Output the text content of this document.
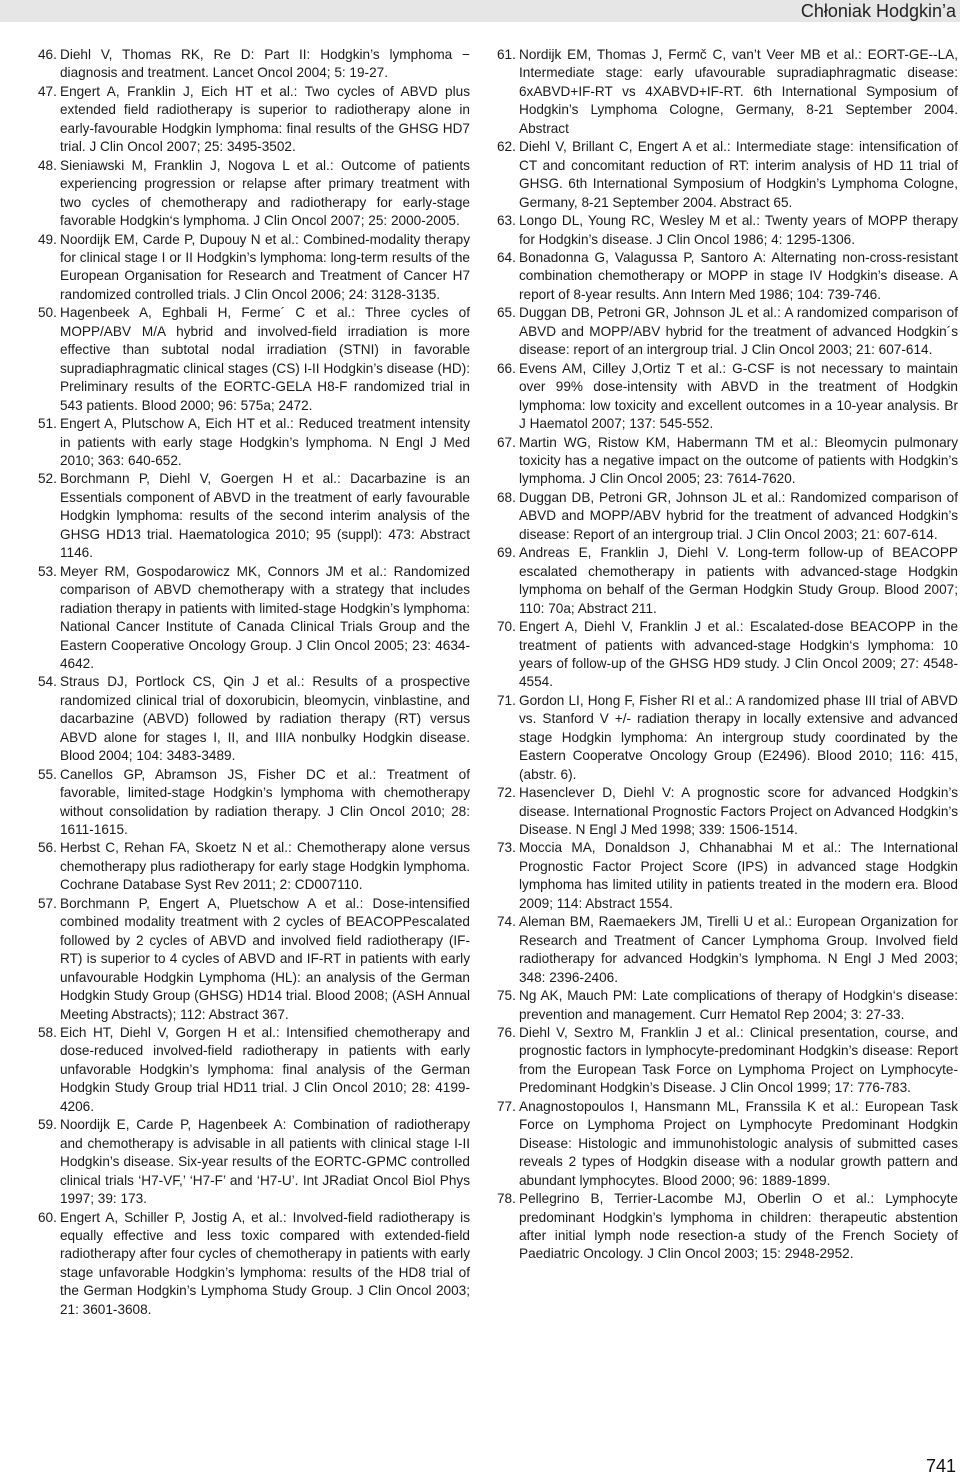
Chłoniak Hodgkin’a
46. Diehl V, Thomas RK, Re D: Part II: Hodgkin’s lymphoma − diagnosis and treatment. Lancet Oncol 2004; 5: 19-27.
47. Engert A, Franklin J, Eich HT et al.: Two cycles of ABVD plus extended field radiotherapy is superior to radiotherapy alone in early-favourable Hodgkin lymphoma: final results of the GHSG HD7 trial. J Clin Oncol 2007; 25: 3495-3502.
48. Sieniawski M, Franklin J, Nogova L et al.: Outcome of patients experiencing progression or relapse after primary treatment with two cycles of chemotherapy and radiotherapy for early-stage favorable Hodgkin‘s lymphoma. J Clin Oncol 2007; 25: 2000-2005.
49. Noordijk EM, Carde P, Dupouy N et al.: Combined-modality therapy for clinical stage I or II Hodgkin’s lymphoma: long-term results of the European Organisation for Research and Treatment of Cancer H7 randomized controlled trials. J Clin Oncol 2006; 24: 3128-3135.
50. Hagenbeek A, Eghbali H, Ferme´ C et al.: Three cycles of MOPP/ABV M/A hybrid and involved-field irradiation is more effective than subtotal nodal irradiation (STNI) in favorable supradiaphragmatic clinical stages (CS) I-II Hodgkin’s disease (HD): Preliminary results of the EORTC-GELA H8-F randomized trial in 543 patients. Blood 2000; 96: 575a; 2472.
51. Engert A, Plutschow A, Eich HT et al.: Reduced treatment intensity in patients with early stage Hodgkin’s lymphoma. N Engl J Med 2010; 363: 640-652.
52. Borchmann P, Diehl V, Goergen H et al.: Dacarbazine is an Essentials component of ABVD in the treatment of early favourable Hodgkin lymphoma: results of the second interim analysis of the GHSG HD13 trial. Haematologica 2010; 95 (suppl): 473: Abstract 1146.
53. Meyer RM, Gospodarowicz MK, Connors JM et al.: Randomized comparison of ABVD chemotherapy with a strategy that includes radiation therapy in patients with limited-stage Hodgkin’s lymphoma: National Cancer Institute of Canada Clinical Trials Group and the Eastern Cooperative Oncology Group. J Clin Oncol 2005; 23: 4634-4642.
54. Straus DJ, Portlock CS, Qin J et al.: Results of a prospective randomized clinical trial of doxorubicin, bleomycin, vinblastine, and dacarbazine (ABVD) followed by radiation therapy (RT) versus ABVD alone for stages I, II, and IIIA nonbulky Hodgkin disease. Blood 2004; 104: 3483-3489.
55. Canellos GP, Abramson JS, Fisher DC et al.: Treatment of favorable, limited-stage Hodgkin’s lymphoma with chemotherapy without consolidation by radiation therapy. J Clin Oncol 2010; 28: 1611-1615.
56. Herbst C, Rehan FA, Skoetz N et al.: Chemotherapy alone versus chemotherapy plus radiotherapy for early stage Hodgkin lymphoma. Cochrane Database Syst Rev 2011; 2: CD007110.
57. Borchmann P, Engert A, Pluetschow A et al.: Dose-intensified combined modality treatment with 2 cycles of BEACOPPescalated followed by 2 cycles of ABVD and involved field radiotherapy (IF-RT) is superior to 4 cycles of ABVD and IF-RT in patients with early unfavourable Hodgkin Lymphoma (HL): an analysis of the German Hodgkin Study Group (GHSG) HD14 trial. Blood 2008; (ASH Annual Meeting Abstracts); 112: Abstract 367.
58. Eich HT, Diehl V, Gorgen H et al.: Intensified chemotherapy and dose-reduced involved-field radiotherapy in patients with early unfavorable Hodgkin’s lymphoma: final analysis of the German Hodgkin Study Group trial HD11 trial. J Clin Oncol 2010; 28: 4199-4206.
59. Noordijk E, Carde P, Hagenbeek A: Combination of radiotherapy and chemotherapy is advisable in all patients with clinical stage I-II Hodgkin’s disease. Six-year results of the EORTC-GPMC controlled clinical trials ‘H7-VF,’ ‘H7-F’ and ‘H7-U’. Int JRadiat Oncol Biol Phys 1997; 39: 173.
60. Engert A, Schiller P, Jostig A, et al.: Involved-field radiotherapy is equally effective and less toxic compared with extended-field radiotherapy after four cycles of chemotherapy in patients with early stage unfavorable Hodgkin’s lymphoma: results of the HD8 trial of the German Hodgkin’s Lymphoma Study Group. J Clin Oncol 2003; 21: 3601-3608.
61. Nordijk EM, Thomas J, Fermč C, van’t Veer MB et al.: EORT-GE--LA, Intermediate stage: early ufavourable supradiaphragmatic disease: 6xABVD+IF-RT vs 4XABVD+IF-RT. 6th International Symposium of Hodgkin’s Lymphoma Cologne, Germany, 8-21 September 2004. Abstract
62. Diehl V, Brillant C, Engert A et al.: Intermediate stage: intensification of CT and concomitant reduction of RT: interim analysis of HD 11 trial of GHSG. 6th International Symposium of Hodgkin’s Lymphoma Cologne, Germany, 8-21 September 2004. Abstract 65.
63. Longo DL, Young RC, Wesley M et al.: Twenty years of MOPP therapy for Hodgkin’s disease. J Clin Oncol 1986; 4: 1295-1306.
64. Bonadonna G, Valagussa P, Santoro A: Alternating non-cross-resistant combination chemotherapy or MOPP in stage IV Hodgkin’s disease. A report of 8-year results. Ann Intern Med 1986; 104: 739-746.
65. Duggan DB, Petroni GR, Johnson JL et al.: A randomized comparison of ABVD and MOPP/ABV hybrid for the treatment of advanced Hodgkin´s disease: report of an intergroup trial. J Clin Oncol 2003; 21: 607-614.
66. Evens AM, Cilley J,Ortiz T et al.: G-CSF is not necessary to maintain over 99% dose-intensity with ABVD in the treatment of Hodgkin lymphoma: low toxicity and excellent outcomes in a 10-year analysis. Br J Haematol 2007; 137: 545-552.
67. Martin WG, Ristow KM, Habermann TM et al.: Bleomycin pulmonary toxicity has a negative impact on the outcome of patients with Hodgkin’s lymphoma. J Clin Oncol 2005; 23: 7614-7620.
68. Duggan DB, Petroni GR, Johnson JL et al.: Randomized comparison of ABVD and MOPP/ABV hybrid for the treatment of advanced Hodgkin’s disease: Report of an intergroup trial. J Clin Oncol 2003; 21: 607-614.
69. Andreas E, Franklin J, Diehl V. Long-term follow-up of BEACOPP escalated chemotherapy in patients with advanced-stage Hodgkin lymphoma on behalf of the German Hodgkin Study Group. Blood 2007; 110: 70a; Abstract 211.
70. Engert A, Diehl V, Franklin J et al.: Escalated-dose BEACOPP in the treatment of patients with advanced-stage Hodgkin‘s lymphoma: 10 years of follow-up of the GHSG HD9 study. J Clin Oncol 2009; 27: 4548-4554.
71. Gordon LI, Hong F, Fisher RI et al.: A randomized phase III trial of ABVD vs. Stanford V +/- radiation therapy in locally extensive and advanced stage Hodgkin lymphoma: An intergroup study coordinated by the Eastern Cooperatve Oncology Group (E2496). Blood 2010; 116: 415, (abstr. 6).
72. Hasenclever D, Diehl V: A prognostic score for advanced Hodgkin’s disease. International Prognostic Factors Project on Advanced Hodgkin’s Disease. N Engl J Med 1998; 339: 1506-1514.
73. Moccia MA, Donaldson J, Chhanabhai M et al.: The International Prognostic Factor Project Score (IPS) in advanced stage Hodgkin lymphoma has limited utility in patients treated in the modern era. Blood 2009; 114: Abstract 1554.
74. Aleman BM, Raemaekers JM, Tirelli U et al.: European Organization for Research and Treatment of Cancer Lymphoma Group. Involved field radiotherapy for advanced Hodgkin’s lymphoma. N Engl J Med 2003; 348: 2396-2406.
75. Ng AK, Mauch PM: Late complications of therapy of Hodgkin‘s disease: prevention and management. Curr Hematol Rep 2004; 3: 27-33.
76. Diehl V, Sextro M, Franklin J et al.: Clinical presentation, course, and prognostic factors in lymphocyte-predominant Hodgkin’s disease: Report from the European Task Force on Lymphoma Project on Lymphocyte-Predominant Hodgkin’s Disease. J Clin Oncol 1999; 17: 776-783.
77. Anagnostopoulos I, Hansmann ML, Franssila K et al.: European Task Force on Lymphoma Project on Lymphocyte Predominant Hodgkin Disease: Histologic and immunohistologic analysis of submitted cases reveals 2 types of Hodgkin disease with a nodular growth pattern and abundant lymphocytes. Blood 2000; 96: 1889-1899.
78. Pellegrino B, Terrier-Lacombe MJ, Oberlin O et al.: Lymphocyte predominant Hodgkin’s lymphoma in children: therapeutic abstention after initial lymph node resection-a study of the French Society of Paediatric Oncology. J Clin Oncol 2003; 15: 2948-2952.
741
